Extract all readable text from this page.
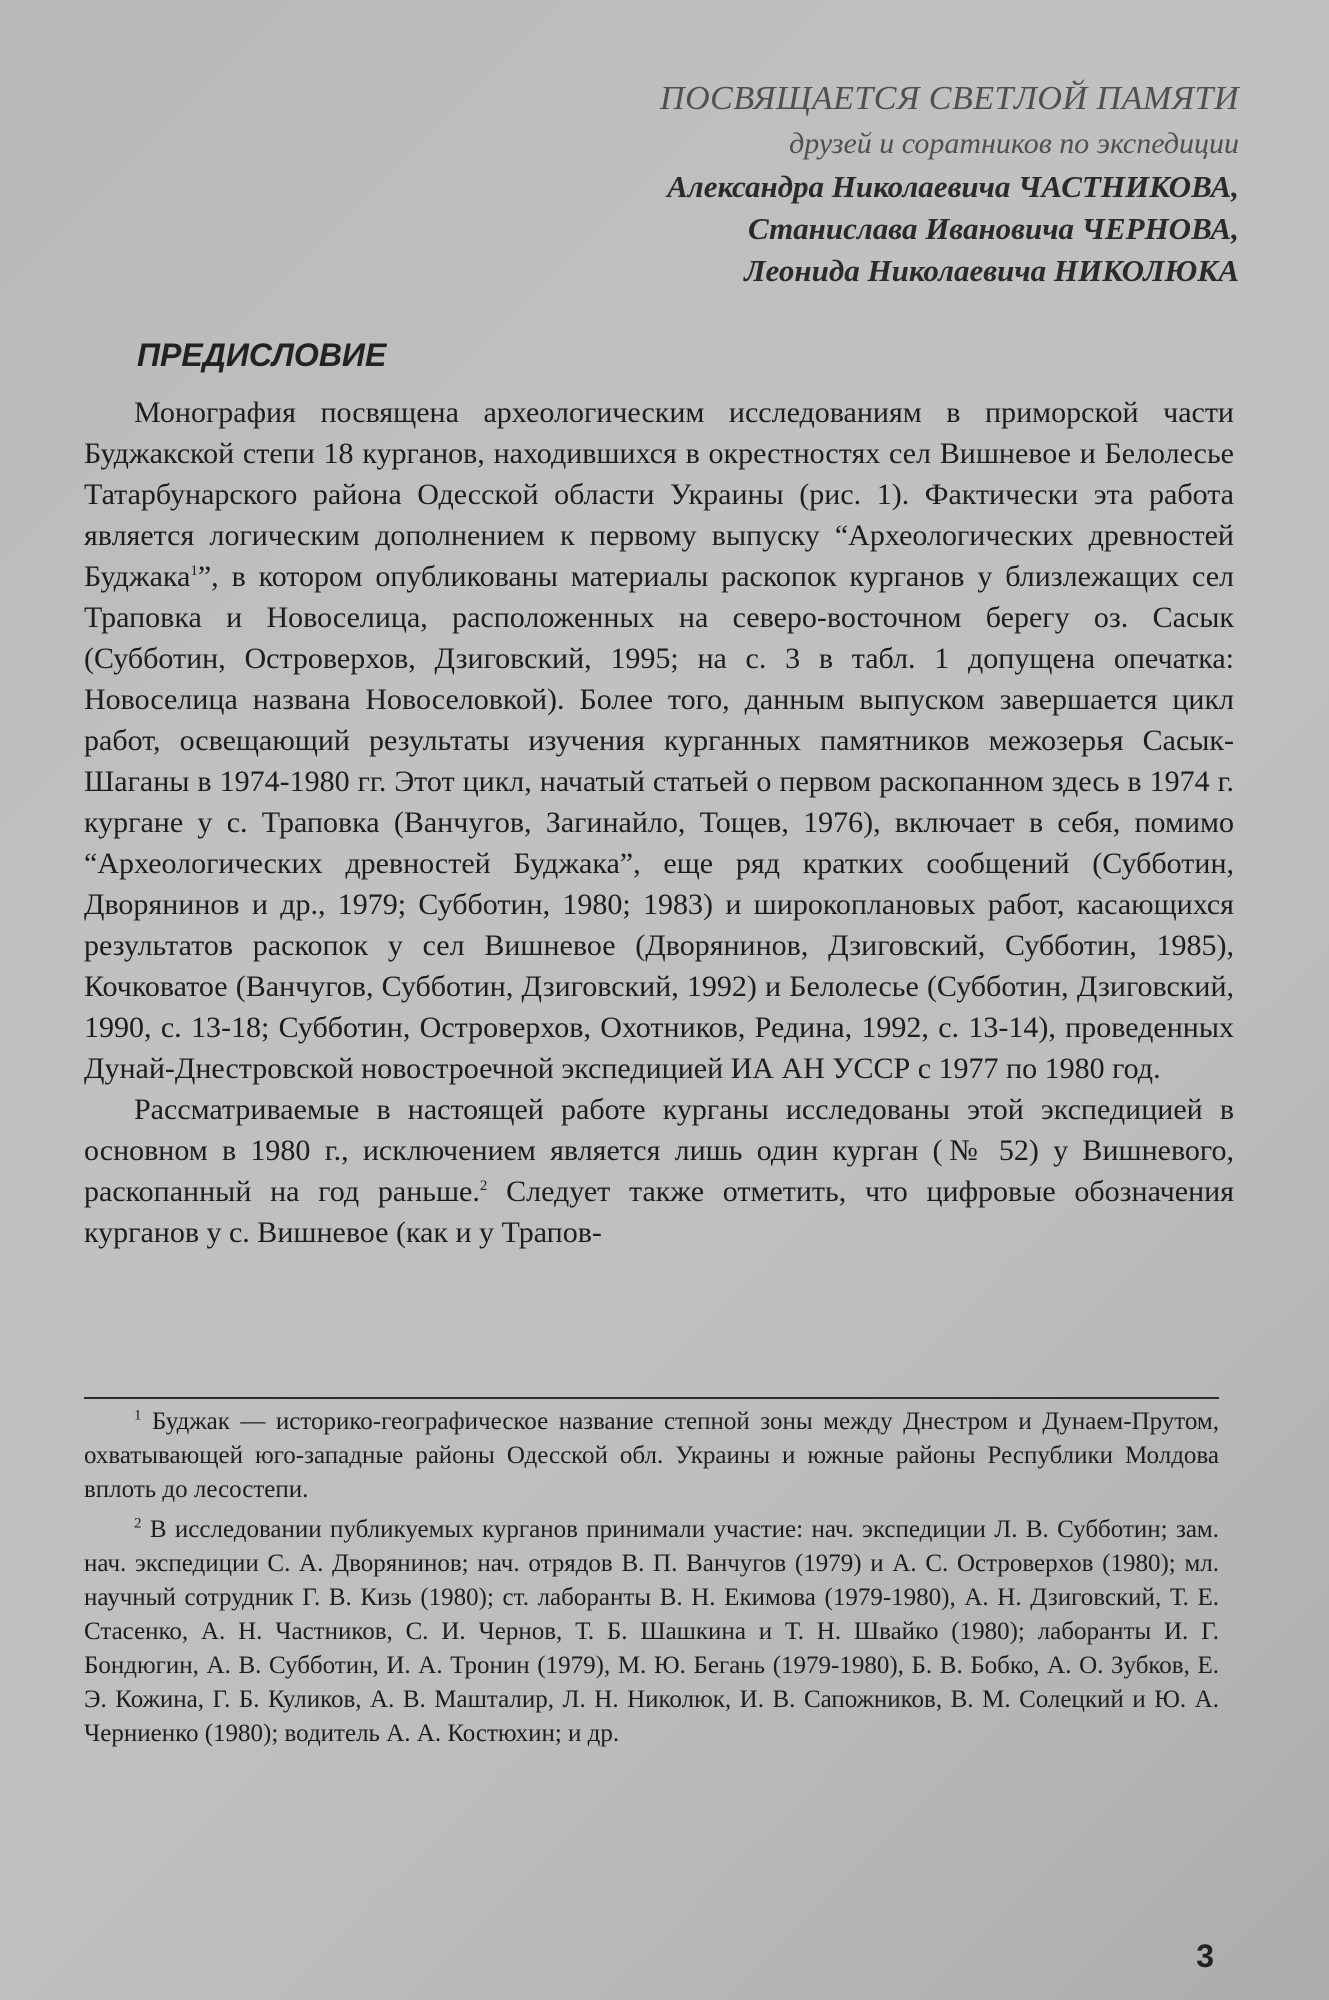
ПОСВЯЩАЕТСЯ СВЕТЛОЙ ПАМЯТИ
друзей и соратников по экспедиции
Александра Николаевича ЧАСТНИКОВА,
Станислава Ивановича ЧЕРНОВА,
Леонида Николаевича НИКОЛЮКА
ПРЕДИСЛОВИЕ

Монография посвящена археологическим исследованиям в приморской части Буджакской степи 18 курганов, находившихся в окрестностях сел Вишневое и Белолесье Татарбунарского района Одесской области Украины (рис. 1). Фактически эта работа является логическим дополнением к первому выпуску “Археологических древностей Буджака$^1$”, в котором опубликованы материалы раскопок курганов у близлежащих сел Траповка и Новоселица, расположенных на северо-восточном берегу оз. Сасык (Субботин, Островерхов, Дзиговский, 1995; на с. 3 в табл. 1 допущена опечатка: Новоселица названа Новоселовкой). Более того, данным выпуском завершается цикл работ, освещающий результаты изучения курганных памятников межозерья Сасык-Шаганы в 1974-1980 гг. Этот цикл, начатый статьей о первом раскопанном здесь в 1974 г. кургане у с. Траповка (Ванчугов, Загинайло, Тощев, 1976), включает в себя, помимо “Археологических древностей Буджака”, еще ряд кратких сообщений (Субботин, Дворянинов и др., 1979; Субботин, 1980; 1983) и широкоплановых работ, касающихся результатов раскопок у сел Вишневое (Дворянинов, Дзиговский, Субботин, 1985), Кочковатое (Ванчугов, Субботин, Дзиговский, 1992) и Белолесье (Субботин, Дзиговский, 1990, с. 13-18; Субботин, Островерхов, Охотников, Редина, 1992, с. 13-14), проведенных Дунай-Днестровской новостроечной экспедицией ИА АН УССР с 1977 по 1980 год.

Рассматриваемые в настоящей работе курганы исследованы этой экспедицией в основном в 1980 г., исключением является лишь один курган (№ 52) у Вишневого, раскопанный на год раньше.$^2$ Следует также отметить, что цифровые обозначения курганов у с. Вишневое (как и у Трапов-

$^1$ Буджак — историко-географическое название степной зоны между Днестром и Дунаем-Прутом, охватывающей юго-западные районы Одесской обл. Украины и южные районы Республики Молдова вплоть до лесостепи.

$^2$ В исследовании публикуемых курганов принимали участие: нач. экспедиции Л. В. Субботин; зам. нач. экспедиции С. А. Дворянинов; нач. отрядов В. П. Ванчугов (1979) и А. С. Островерхов (1980); мл. научный сотрудник Г. В. Кизь (1980); ст. лаборанты В. Н. Екимова (1979-1980), А. Н. Дзиговский, Т. Е. Стасенко, А. Н. Частников, С. И. Чернов, Т. Б. Шашкина и Т. Н. Швайко (1980); лаборанты И. Г. Бондюгин, А. В. Субботин, И. А. Тронин (1979), М. Ю. Бегань (1979-1980), Б. В. Бобко, А. О. Зубков, Е. Э. Кожина, Г. Б. Куликов, А. В. Машталир, Л. Н. Николюк, И. В. Сапожников, В. М. Солецкий и Ю. А. Черниенко (1980); водитель А. А. Костюхин; и др.

3
